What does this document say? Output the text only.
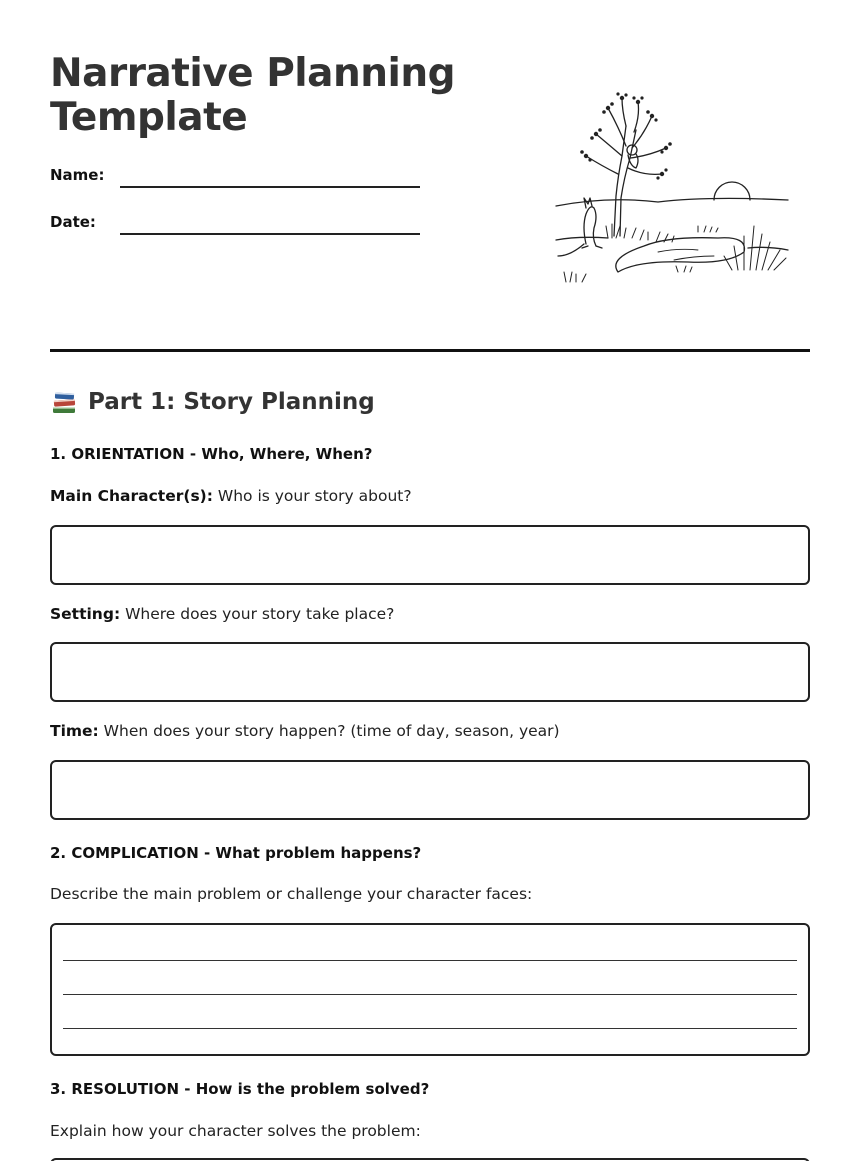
Narrative Planning Template
Name:
Date:
Part 1: Story Planning

1. ORIENTATION - Who, Where, When?

Main Character(s): Who is your story about?

Setting: Where does your story take place?

Time: When does your story happen? (time of day, season, year)

2. COMPLICATION - What problem happens?

Describe the main problem or challenge your character faces:

3. RESOLUTION - How is the problem solved?

Explain how your character solves the problem:
